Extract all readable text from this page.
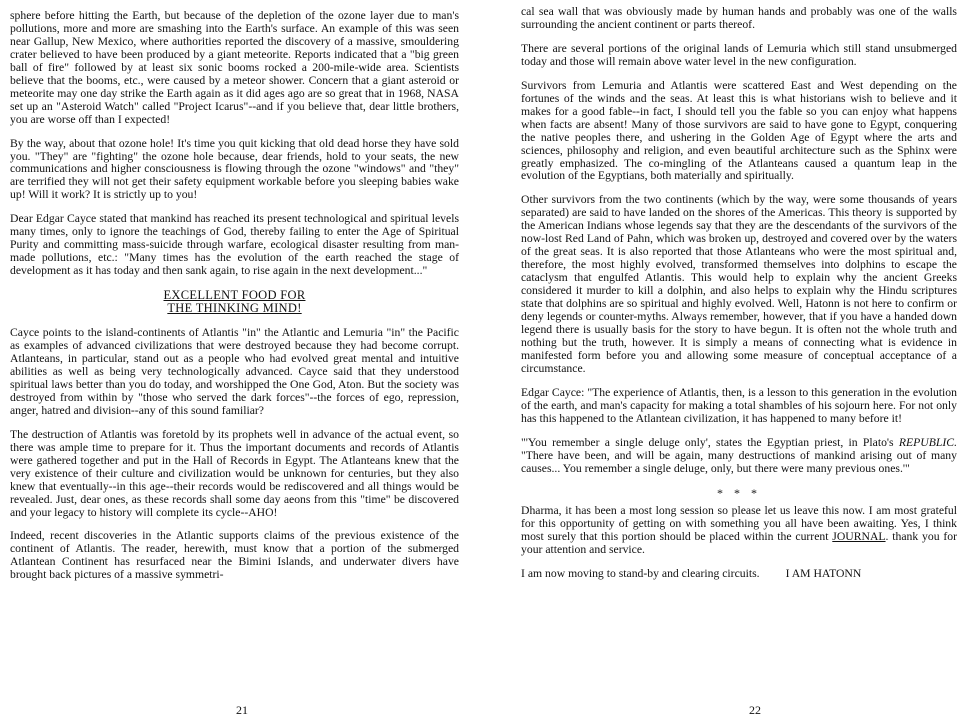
sphere before hitting the Earth, but because of the depletion of the ozone layer due to man's pollutions, more and more are smashing into the Earth's surface. An example of this was seen near Gallup, New Mexico, where authorities reported the discovery of a massive, smouldering crater believed to have been produced by a giant meteorite. Reports indicated that a "big green ball of fire" followed by at least six sonic booms rocked a 200-mile-wide area. Scientists believe that the booms, etc., were caused by a meteor shower. Concern that a giant asteroid or meteorite may one day strike the Earth again as it did ages ago are so great that in 1968, NASA set up an "Asteroid Watch" called "Project Icarus"--and if you believe that, dear little brothers, you are worse off than I expected!

By the way, about that ozone hole! It's time you quit kicking that old dead horse they have sold you. "They" are "fighting" the ozone hole because, dear friends, hold to your seats, the new communications and higher consciousness is flowing through the ozone "windows" and "they" are terrified they will not get their safety equipment workable before you sleeping babies wake up! Will it work? It is strictly up to you!

Dear Edgar Cayce stated that mankind has reached its present technological and spiritual levels many times, only to ignore the teachings of God, thereby failing to enter the Age of Spiritual Purity and committing mass-suicide through warfare, ecological disaster resulting from man-made pollutions, etc.: "Many times has the evolution of the earth reached the stage of development as it has today and then sank again, to rise again in the next development..."

EXCELLENT FOOD FOR
THE THINKING MIND!

Cayce points to the island-continents of Atlantis "in" the Atlantic and Lemuria "in" the Pacific as examples of advanced civilizations that were destroyed because they had become corrupt. Atlanteans, in particular, stand out as a people who had evolved great mental and intuitive abilities as well as being very technologically advanced. Cayce said that they understood spiritual laws better than you do today, and worshipped the One God, Aton. But the society was destroyed from within by "those who served the dark forces"--the forces of ego, repression, anger, hatred and division--any of this sound familiar?

The destruction of Atlantis was foretold by its prophets well in advance of the actual event, so there was ample time to prepare for it. Thus the important documents and records of Atlantis were gathered together and put in the Hall of Records in Egypt. The Atlanteans knew that the very existence of their culture and civilization would be unknown for centuries, but they also knew that eventually--in this age--their records would be rediscovered and all things would be revealed. Just, dear ones, as these records shall some day aeons from this "time" be discovered and your legacy to history will complete its cycle--AHO!

Indeed, recent discoveries in the Atlantic supports claims of the previous existence of the continent of Atlantis. The reader, herewith, must know that a portion of the submerged Atlantean Continent has resurfaced near the Bimini Islands, and underwater divers have brought back pictures of a massive symmetri-

21

cal sea wall that was obviously made by human hands and probably was one of the walls surrounding the ancient continent or parts thereof.

There are several portions of the original lands of Lemuria which still stand unsubmerged today and those will remain above water level in the new configuration.

Survivors from Lemuria and Atlantis were scattered East and West depending on the fortunes of the winds and the seas. At least this is what historians wish to believe and it makes for a good fable--in fact, I should tell you the fable so you can enjoy what happens when facts are absent! Many of those survivors are said to have gone to Egypt, conquering the native peoples there, and ushering in the Golden Age of Egypt where the arts and sciences, philosophy and religion, and even beautiful architecture such as the Sphinx were greatly emphasized. The co-mingling of the Atlanteans caused a quantum leap in the evolution of the Egyptians, both materially and spiritually.

Other survivors from the two continents (which by the way, were some thousands of years separated) are said to have landed on the shores of the Americas. This theory is supported by the American Indians whose legends say that they are the descendants of the survivors of the now-lost Red Land of Pahn, which was broken up, destroyed and covered over by the waters of the great seas. It is also reported that those Atlanteans who were the most spiritual and, therefore, the most highly evolved, transformed themselves into dolphins to escape the cataclysm that engulfed Atlantis. This would help to explain why the ancient Greeks considered it murder to kill a dolphin, and also helps to explain why the Hindu scriptures state that dolphins are so spiritual and highly evolved. Well, Hatonn is not here to confirm or deny legends or counter-myths. Always remember, however, that if you have a handed down legend there is usually basis for the story to have begun. It is often not the whole truth and nothing but the truth, however. It is simply a means of connecting what is evidence in manifested form before you and allowing some measure of conceptual acceptance of a circumstance.

Edgar Cayce: "The experience of Atlantis, then, is a lesson to this generation in the evolution of the earth, and man's capacity for making a total shambles of his sojourn here. For not only has this happened to the Atlantean civilization, it has happened to many before it!

"'You remember a single deluge only', states the Egyptian priest, in Plato's REPUBLIC. "There have been, and will be again, many destructions of mankind arising out of many causes... You remember a single deluge, only, but there were many previous ones.'"

* * *

Dharma, it has been a most long session so please let us leave this now. I am most grateful for this opportunity of getting on with something you all have been awaiting. Yes, I think most surely that this portion should be placed within the current JOURNAL. thank you for your attention and service.

I am now moving to stand-by and clearing circuits. I AM HATONN

22
